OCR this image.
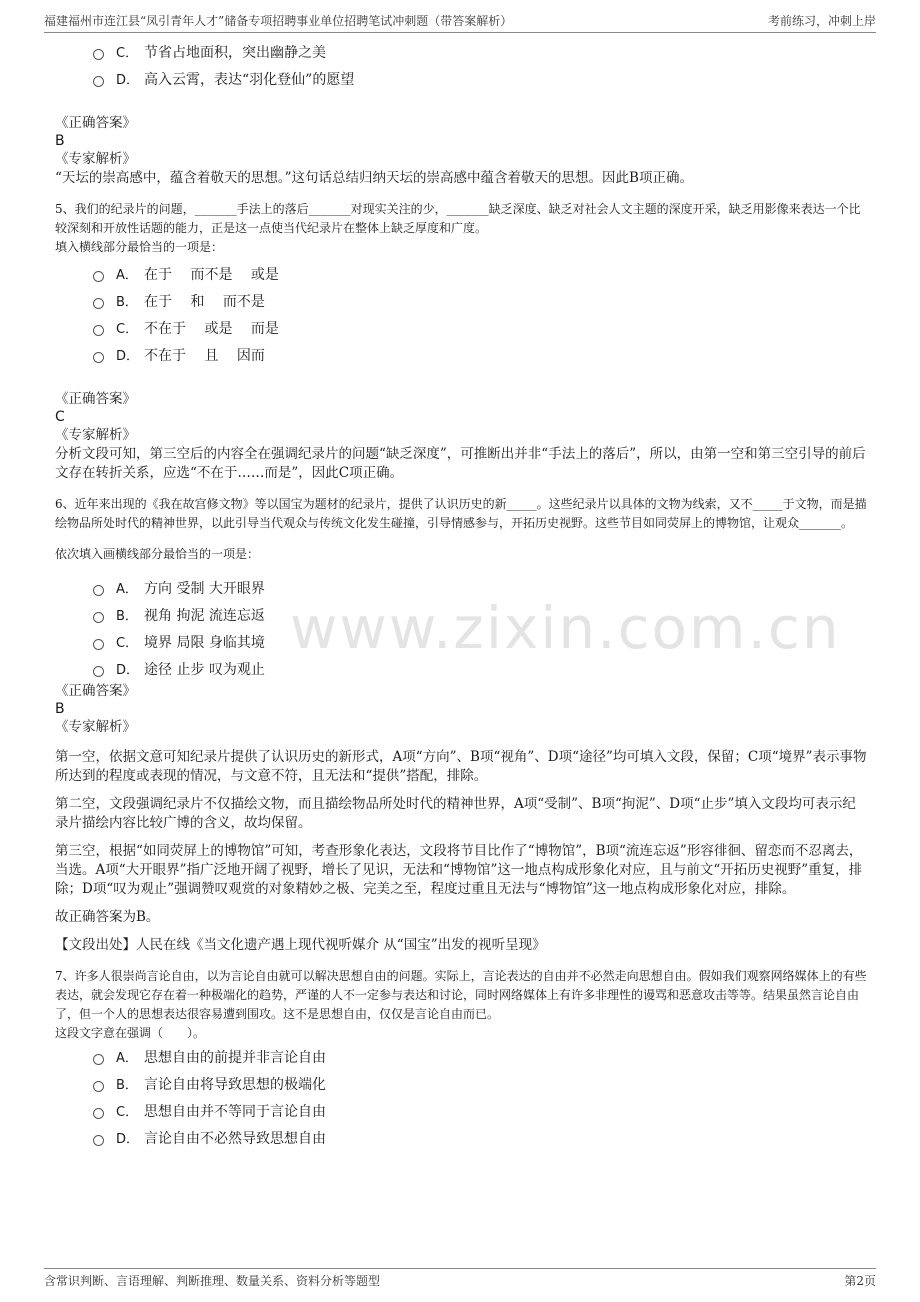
福建福州市连江县“凤引青年人才”储备专项招聘事业单位招聘笔试冲刺题（带答案解析）	考前练习，冲刺上岸
www.zixin.com.cn
C． 节省占地面积，突出幽静之美
D． 高入云霄，表达“羽化登仙”的愿望

《正确答案》

B

《专家解析》

“天坛的崇高感中，蕴含着敬天的思想。”这句话总结归纳天坛的崇高感中蕴含着敬天的思想。因此B项正确。

5、我们的纪录片的问题，_______手法上的落后_______对现实关注的少，_______缺乏深度、缺乏对社会人文主题的深度开采，缺乏用影像来表达一个比较深刻和开放性话题的能力，正是这一点使当代纪录片在整体上缺乏厚度和广度。

填入横线部分最恰当的一项是：

A． 在于　 而不是　 或是
B． 在于　 和　 而不是
C． 不在于　 或是　 而是
D． 不在于　 且　 因而

《正确答案》

C

《专家解析》

分析文段可知，第三空后的内容全在强调纪录片的问题“缺乏深度”，可推断出并非“手法上的落后”，所以，由第一空和第三空引导的前后文存在转折关系，应选“不在于……而是”，因此C项正确。

6、近年来出现的《我在故宫修文物》等以国宝为题材的纪录片，提供了认识历史的新_____。这些纪录片以具体的文物为线索，又不_____于文物，而是描绘物品所处时代的精神世界，以此引导当代观众与传统文化发生碰撞，引导情感参与，开拓历史视野。这些节目如同荧屏上的博物馆，让观众_______。

依次填入画横线部分最恰当的一项是：

A． 方向 受制 大开眼界
B． 视角 拘泥 流连忘返
C． 境界 局限 身临其境
D． 途径 止步 叹为观止

《正确答案》

B

《专家解析》

第一空，依据文意可知纪录片提供了认识历史的新形式，A项“方向”、B项“视角”、D项“途径”均可填入文段，保留；C项“境界”表示事物所达到的程度或表现的情况，与文意不符，且无法和“提供”搭配，排除。

第二空，文段强调纪录片不仅描绘文物，而且描绘物品所处时代的精神世界，A项“受制”、B项“拘泥”、D项“止步”填入文段均可表示纪录片描绘内容比较广博的含义，故均保留。

第三空，根据“如同荧屏上的博物馆”可知，考查形象化表达，文段将节目比作了“博物馆”，B项“流连忘返”形容徘徊、留恋而不忍离去，当选。A项“大开眼界”指广泛地开阔了视野，增长了见识，无法和“博物馆”这一地点构成形象化对应，且与前文“开拓历史视野”重复，排除；D项“叹为观止”强调赞叹观赏的对象精妙之极、完美之至，程度过重且无法与“博物馆”这一地点构成形象化对应，排除。

故正确答案为B。

【文段出处】人民在线《当文化遗产遇上现代视听媒介 从“国宝”出发的视听呈现》

7、许多人很崇尚言论自由，以为言论自由就可以解决思想自由的问题。实际上，言论表达的自由并不必然走向思想自由。假如我们观察网络媒体上的有些表达，就会发现它存在着一种极端化的趋势，严谨的人不一定参与表达和讨论，同时网络媒体上有许多非理性的谩骂和恶意攻击等等。结果虽然言论自由了，但一个人的思想表达很容易遭到围攻。这不是思想自由，仅仅是言论自由而已。

这段文字意在强调（　　）。

A． 思想自由的前提并非言论自由
B． 言论自由将导致思想的极端化
C． 思想自由并不等同于言论自由
D． 言论自由不必然导致思想自由
含常识判断、言语理解、判断推理、数量关系、资料分析等题型	第2页
